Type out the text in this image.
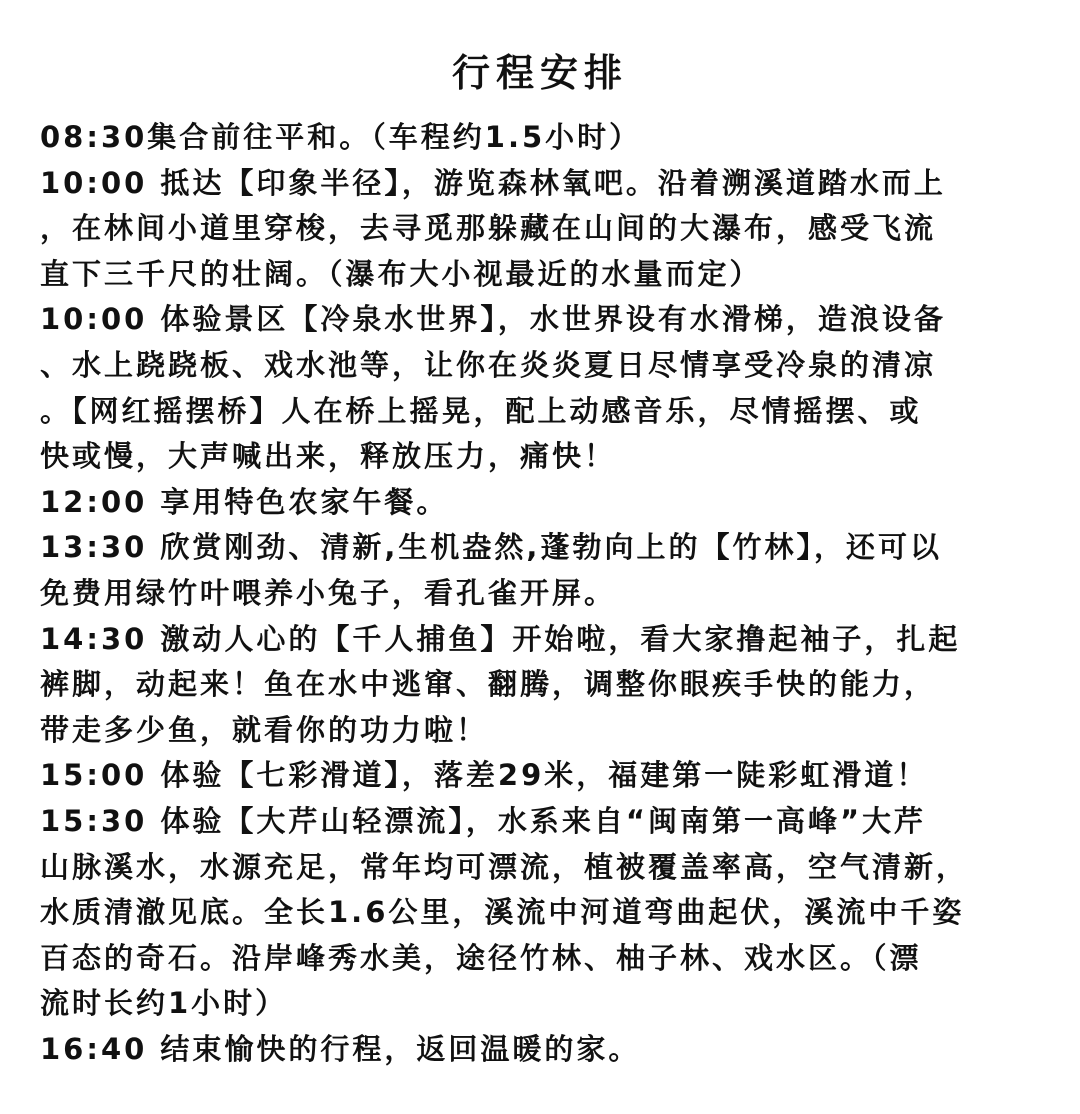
行程安排
08:30集合前往平和。（车程约1.5小时）
10:00 抵达【印象半径】，游览森林氧吧。沿着溯溪道踏水而上
，在林间小道里穿梭，去寻觅那躲藏在山间的大瀑布，感受飞流
直下三千尺的壮阔。（瀑布大小视最近的水量而定）
10:00 体验景区【冷泉水世界】，水世界设有水滑梯，造浪设备
、水上跷跷板、戏水池等，让你在炎炎夏日尽情享受冷泉的清凉
。【网红摇摆桥】人在桥上摇晃，配上动感音乐，尽情摇摆、或
快或慢，大声喊出来，释放压力，痛快！
12:00 享用特色农家午餐。
13:30 欣赏刚劲、清新,生机盎然,蓬勃向上的【竹林】，还可以
免费用绿竹叶喂养小兔子，看孔雀开屏。
14:30 激动人心的【千人捕鱼】开始啦，看大家撸起袖子，扎起
裤脚，动起来！鱼在水中逃窜、翻腾，调整你眼疾手快的能力，
带走多少鱼，就看你的功力啦！
15:00 体验【七彩滑道】，落差29米，福建第一陡彩虹滑道！
15:30 体验【大芹山轻漂流】，水系来自“闽南第一高峰”大芹
山脉溪水，水源充足，常年均可漂流，植被覆盖率高，空气清新，
水质清澈见底。全长1.6公里，溪流中河道弯曲起伏，溪流中千姿
百态的奇石。沿岸峰秀水美，途径竹林、柚子林、戏水区。（漂
流时长约1小时）
16:40 结束愉快的行程，返回温暖的家。
